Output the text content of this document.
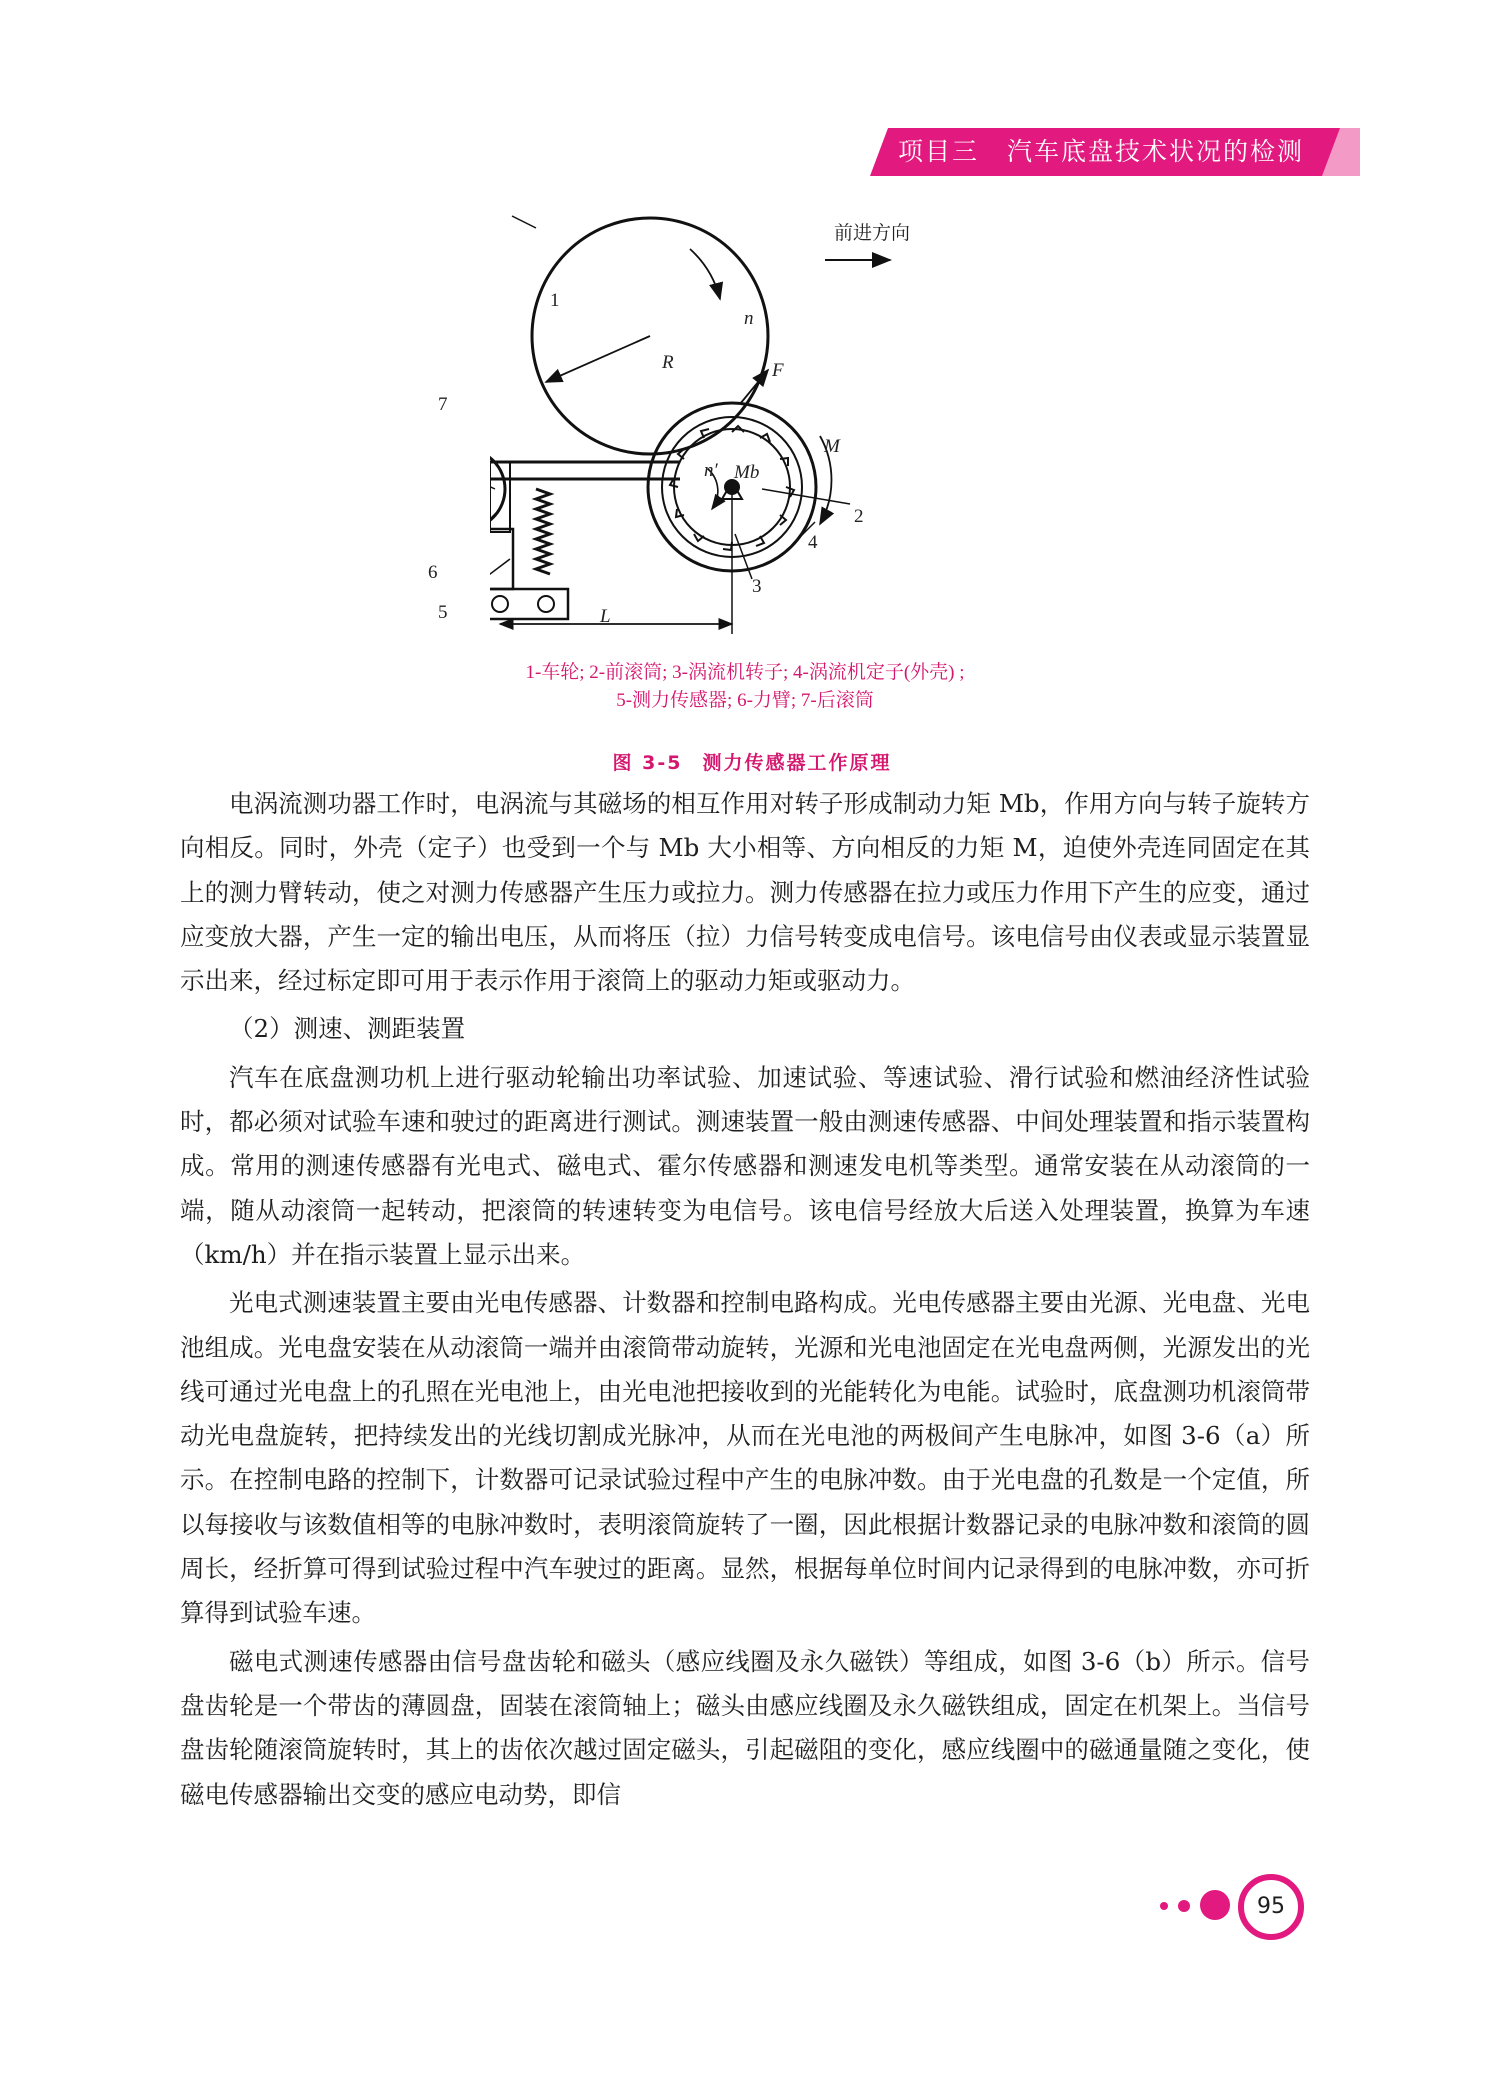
项目三 汽车底盘技术状况的检测
前进方向
1
R
n
7
F
M
n′ Mb
2
4
6
3
5	L
1-车轮; 2-前滚筒; 3-涡流机转子; 4-涡流机定子(外壳) ;
5-测力传感器; 6-力臂; 7-后滚筒
图 3-5 测力传感器工作原理

电涡流测功器工作时，电涡流与其磁场的相互作用对转子形成制动力矩 Mb，作用方向与转子旋转方向相反。同时，外壳（定子）也受到一个与 Mb 大小相等、方向相反的力矩 M，迫使外壳连同固定在其上的测力臂转动，使之对测力传感器产生压力或拉力。测力传感器在拉力或压力作用下产生的应变，通过应变放大器，产生一定的输出电压，从而将压（拉）力信号转变成电信号。该电信号由仪表或显示装置显示出来，经过标定即可用于表示作用于滚筒上的驱动力矩或驱动力。

（2）测速、测距装置

汽车在底盘测功机上进行驱动轮输出功率试验、加速试验、等速试验、滑行试验和燃油经济性试验时，都必须对试验车速和驶过的距离进行测试。测速装置一般由测速传感器、中间处理装置和指示装置构成。常用的测速传感器有光电式、磁电式、霍尔传感器和测速发电机等类型。通常安装在从动滚筒的一端，随从动滚筒一起转动，把滚筒的转速转变为电信号。该电信号经放大后送入处理装置，换算为车速（km/h）并在指示装置上显示出来。

光电式测速装置主要由光电传感器、计数器和控制电路构成。光电传感器主要由光源、光电盘、光电池组成。光电盘安装在从动滚筒一端并由滚筒带动旋转，光源和光电池固定在光电盘两侧，光源发出的光线可通过光电盘上的孔照在光电池上，由光电池把接收到的光能转化为电能。试验时，底盘测功机滚筒带动光电盘旋转，把持续发出的光线切割成光脉冲，从而在光电池的两极间产生电脉冲，如图 3-6（a）所示。在控制电路的控制下，计数器可记录试验过程中产生的电脉冲数。由于光电盘的孔数是一个定值，所以每接收与该数值相等的电脉冲数时，表明滚筒旋转了一圈，因此根据计数器记录的电脉冲数和滚筒的圆周长，经折算可得到试验过程中汽车驶过的距离。显然，根据每单位时间内记录得到的电脉冲数，亦可折算得到试验车速。

磁电式测速传感器由信号盘齿轮和磁头（感应线圈及永久磁铁）等组成，如图 3-6（b）所示。信号盘齿轮是一个带齿的薄圆盘，固装在滚筒轴上；磁头由感应线圈及永久磁铁组成，固定在机架上。当信号盘齿轮随滚筒旋转时，其上的齿依次越过固定磁头，引起磁阻的变化，感应线圈中的磁通量随之变化，使磁电传感器输出交变的感应电动势，即信

95
